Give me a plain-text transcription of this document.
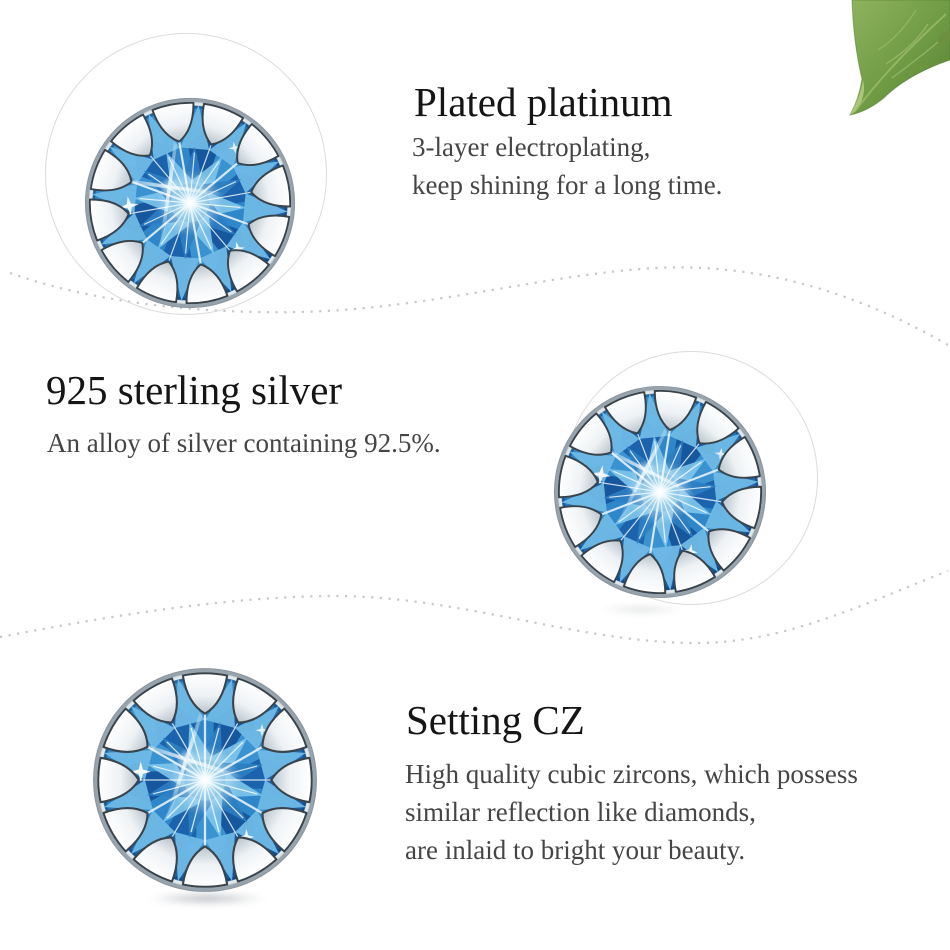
Plated platinum
3-layer electroplating,
keep shining for a long time.
925 sterling silver
An alloy of silver containing 92.5%.
Setting CZ
High quality cubic zircons, which possess
similar reflection like diamonds,
are inlaid to bright your beauty.
